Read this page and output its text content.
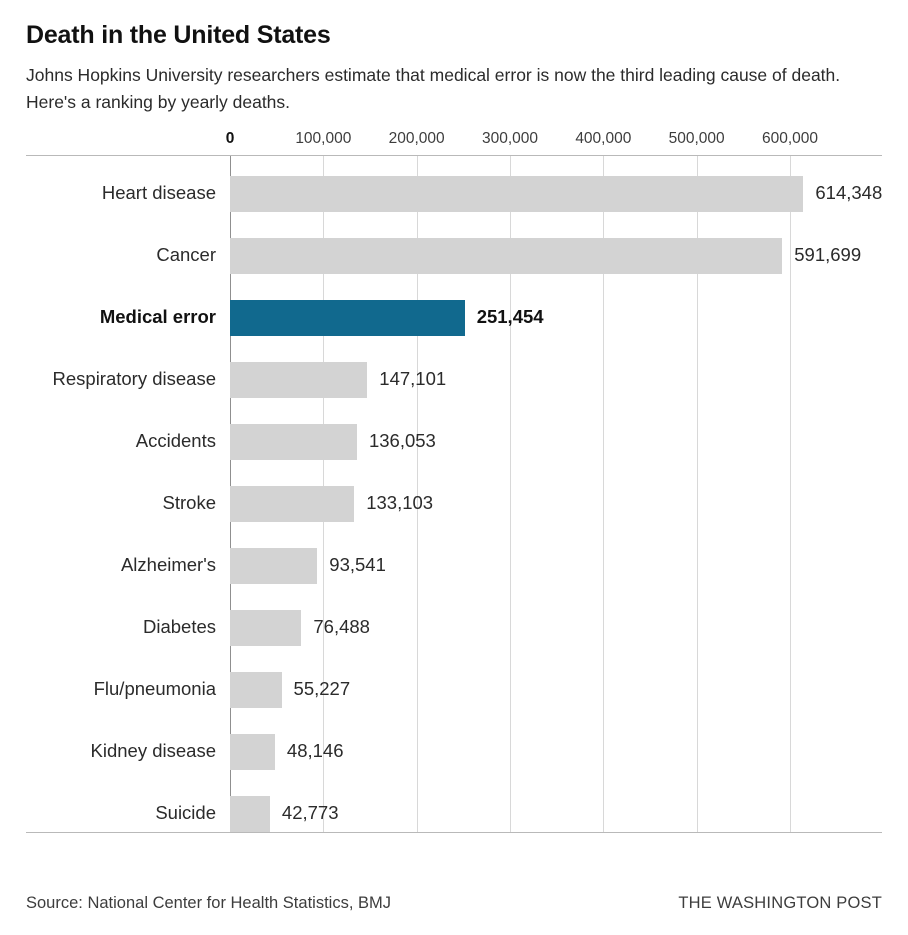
Death in the United States

Johns Hopkins University researchers estimate that medical error is now the third leading cause of death. Here's a ranking by yearly deaths.

0	100,000 200,000 300,000 400,000 500,000 600,000
Heart disease	614,348
Cancer	591,699
Medical error	251,454
Respiratory disease	147,101
Accidents	136,053
Stroke	133,103
Alzheimer's	93,541
Diabetes	76,488
Flu/pneumonia	55,227
Kidney disease	48,146
Suicide	42,773
Source: National Center for Health Statistics, BMJ	THE WASHINGTON POST
